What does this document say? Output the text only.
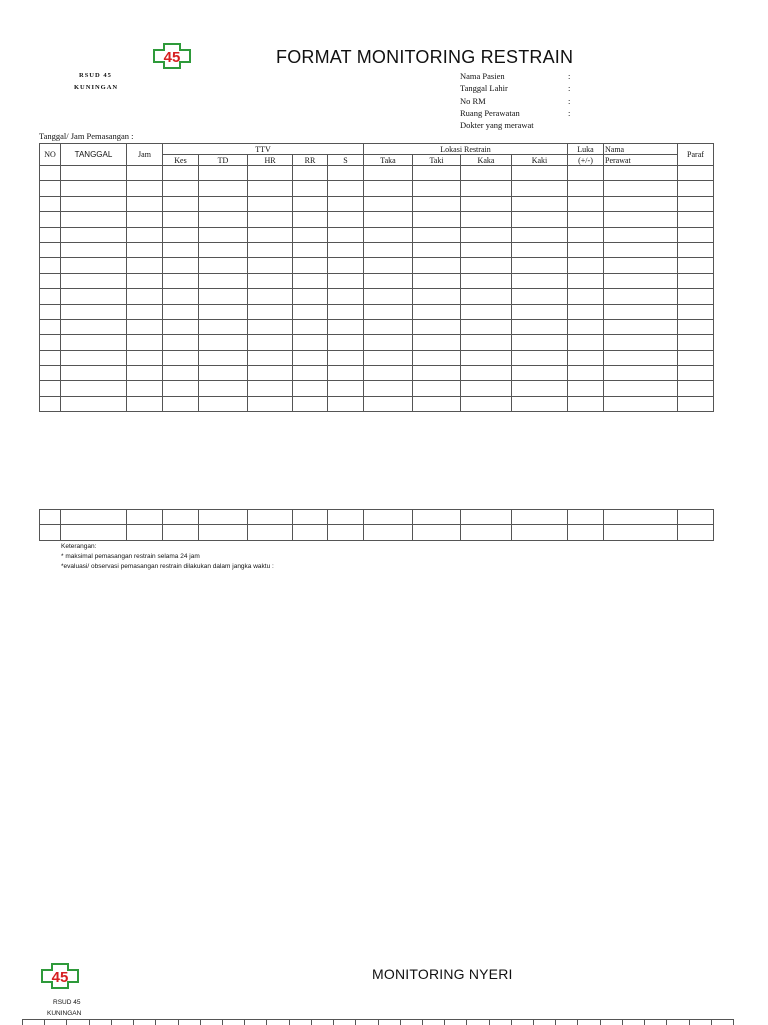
45
RSUD 45
KUNINGAN
FORMAT MONITORING RESTRAIN
Nama Pasien	:
Tanggal Lahir	:
No RM	:
Ruang Perawatan	:
Dokter yang merawat
Tanggal/ Jam Pemasangan :
NO	TANGGAL	Jam	TTV					Lokasi Restrain				Luka	Nama	Paraf
			Kes	TD	HR	RR	S	Taka	Taki	Kaka	Kaki	(+/-)	Perawat	

Keterangan:
* maksimal pemasangan restrain selama 24 jam
*evaluasi/ observasi pemasangan restrain dilakukan dalam jangka waktu :
45	MONITORING NYERI
RSUD 45
KUNINGAN
